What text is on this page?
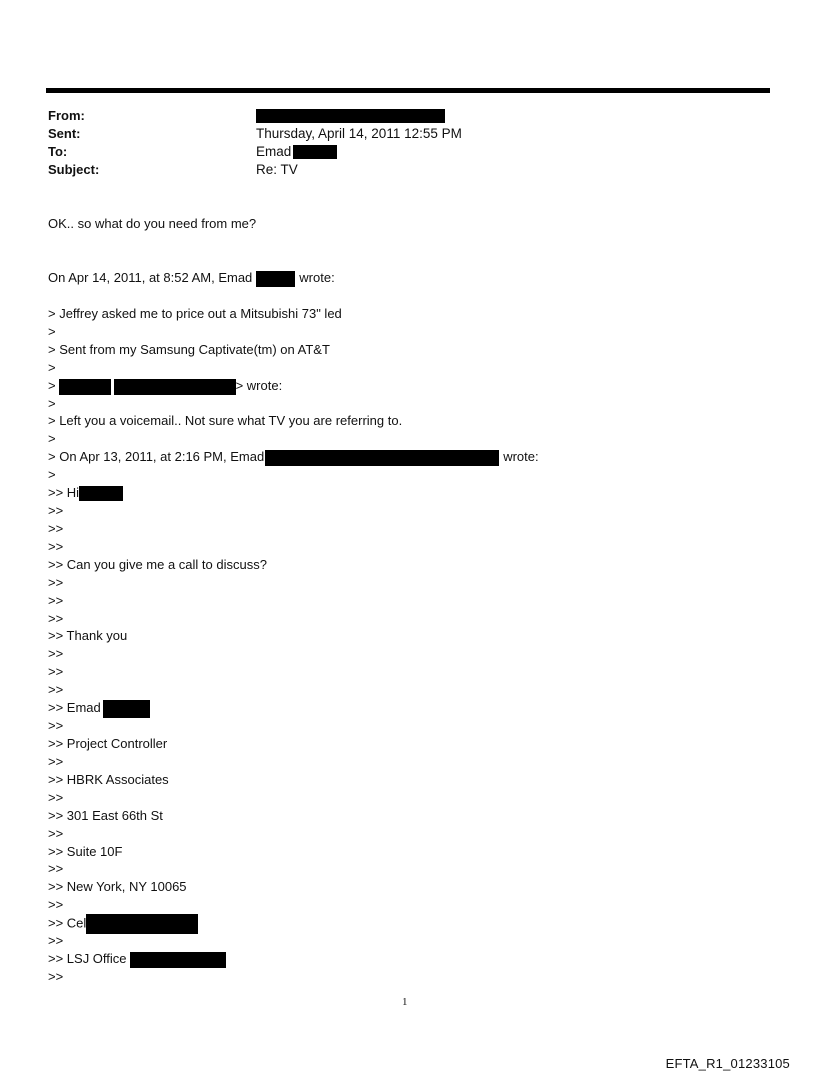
From:
Sent:	Thursday, April 14, 2011 12:55 PM
To:	Emad
Subject:	Re: TV
OK.. so what do you need from me?
On Apr 14, 2011, at 8:52 AM, Emad	wrote:
> Jeffrey asked me to price out a Mitsubishi 73" led
>
> Sent from my Samsung Captivate(tm) on AT&T
>
>	> wrote:
>
> Left you a voicemail.. Not sure what TV you are referring to.
>
> On Apr 13, 2011, at 2:16 PM, Emad	wrote:
>
>> Hi
>>
>>
>>
>> Can you give me a call to discuss?
>>
>>
>>
>> Thank you
>>
>>
>>
>> Emad
>>
>> Project Controller
>>
>> HBRK Associates
>>
>> 301 East 66th St
>>
>> Suite 10F
>>
>> New York, NY 10065
>>
>> Cel
>>
>> LSJ Office
>>
1
EFTA_R1_01233105
